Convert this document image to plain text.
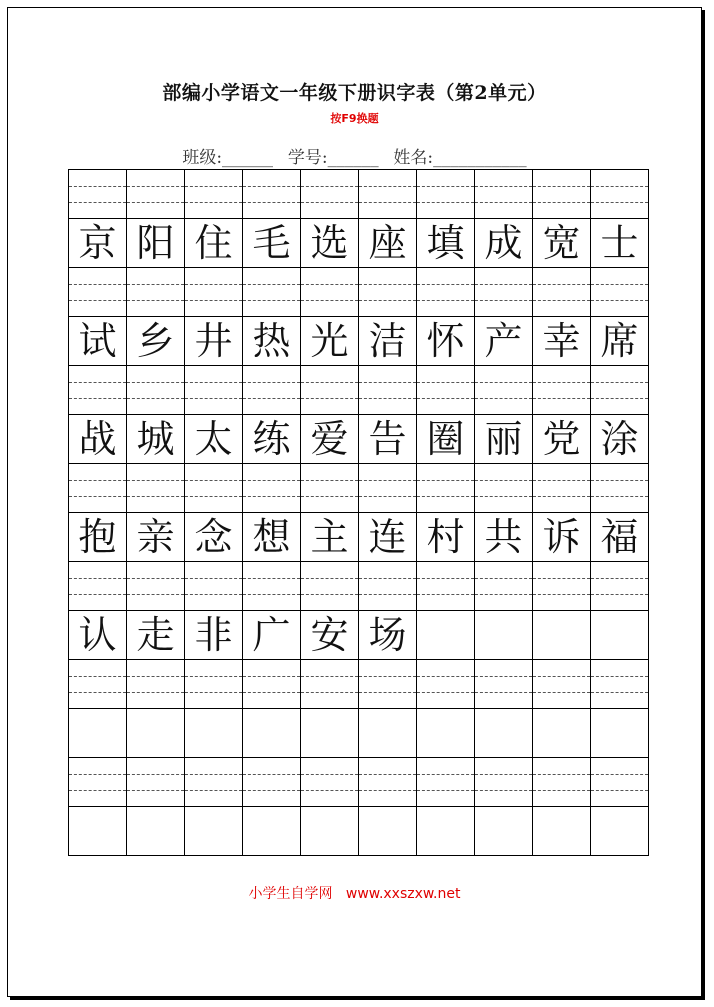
部编小学语文一年级下册识字表（第2单元）
按F9换题
班级:______ 学号:______ 姓名:___________
京 阳 住 毛 选 座 填 成 宽 士
试 乡 井 热 光 洁 怀 产 幸 席
战 城 太 练 爱 告 圈 丽 党 涂
抱 亲 念 想 主 连 村 共 诉 福
认 走 非 广 安 场
小学生自学网 www.xxszxw.net
